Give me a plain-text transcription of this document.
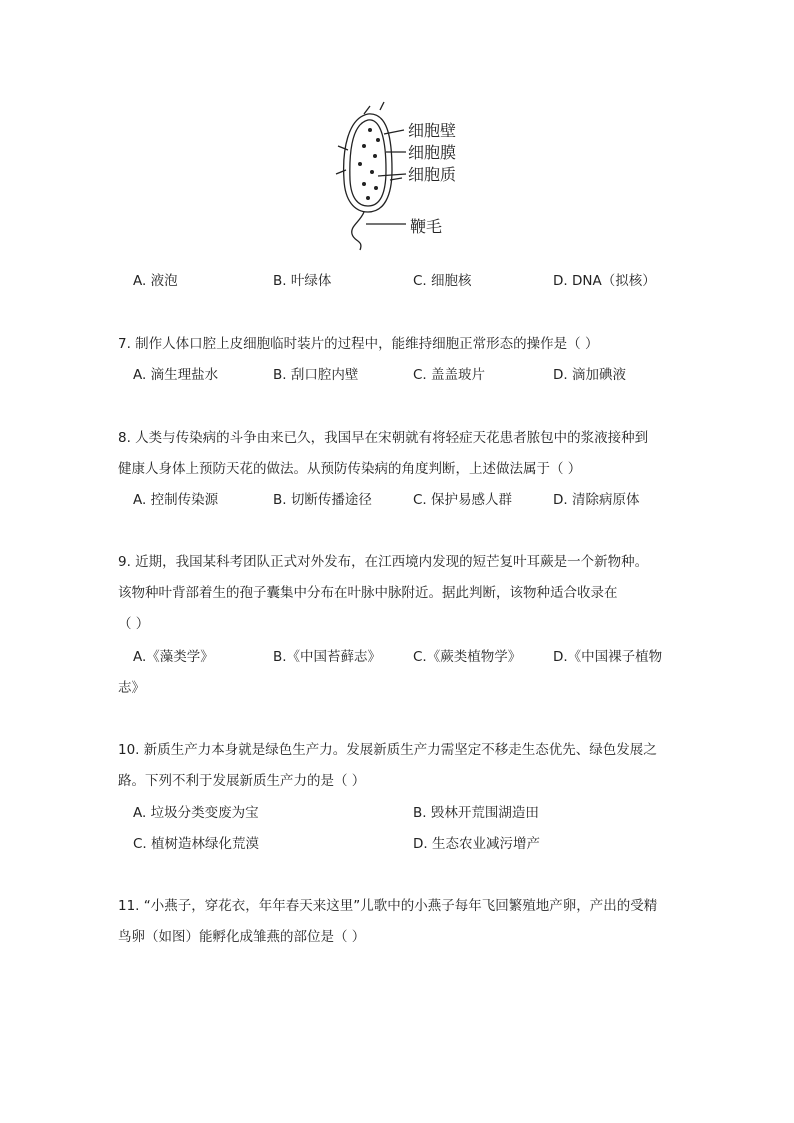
细胞壁
细胞膜
细胞质
鞭毛
A. 液泡	B. 叶绿体	C. 细胞核	D. DNA（拟核）
7. 制作人体口腔上皮细胞临时装片的过程中，能维持细胞正常形态的操作是（ ）
A. 滴生理盐水	B. 刮口腔内壁	C. 盖盖玻片	D. 滴加碘液
8. 人类与传染病的斗争由来已久，我国早在宋朝就有将轻症天花患者脓包中的浆液接种到
健康人身体上预防天花的做法。从预防传染病的角度判断，上述做法属于（ ）
A. 控制传染源	B. 切断传播途径	C. 保护易感人群	D. 清除病原体
9. 近期，我国某科考团队正式对外发布，在江西境内发现的短芒复叶耳蕨是一个新物种。
该物种叶背部着生的孢子囊集中分布在叶脉中脉附近。据此判断，该物种适合收录在
（ ）
A.《藻类学》	B.《中国苔藓志》 C.《蕨类植物学》 D.《中国裸子植物
志》
10. 新质生产力本身就是绿色生产力。发展新质生产力需坚定不移走生态优先、绿色发展之
路。下列不利于发展新质生产力的是（ ）
A. 垃圾分类变废为宝	B. 毁林开荒围湖造田
C. 植树造林绿化荒漠	D. 生态农业减污增产
11. “小燕子，穿花衣，年年春天来这里”儿歌中的小燕子每年飞回繁殖地产卵，产出的受精
鸟卵（如图）能孵化成雏燕的部位是（ ）
